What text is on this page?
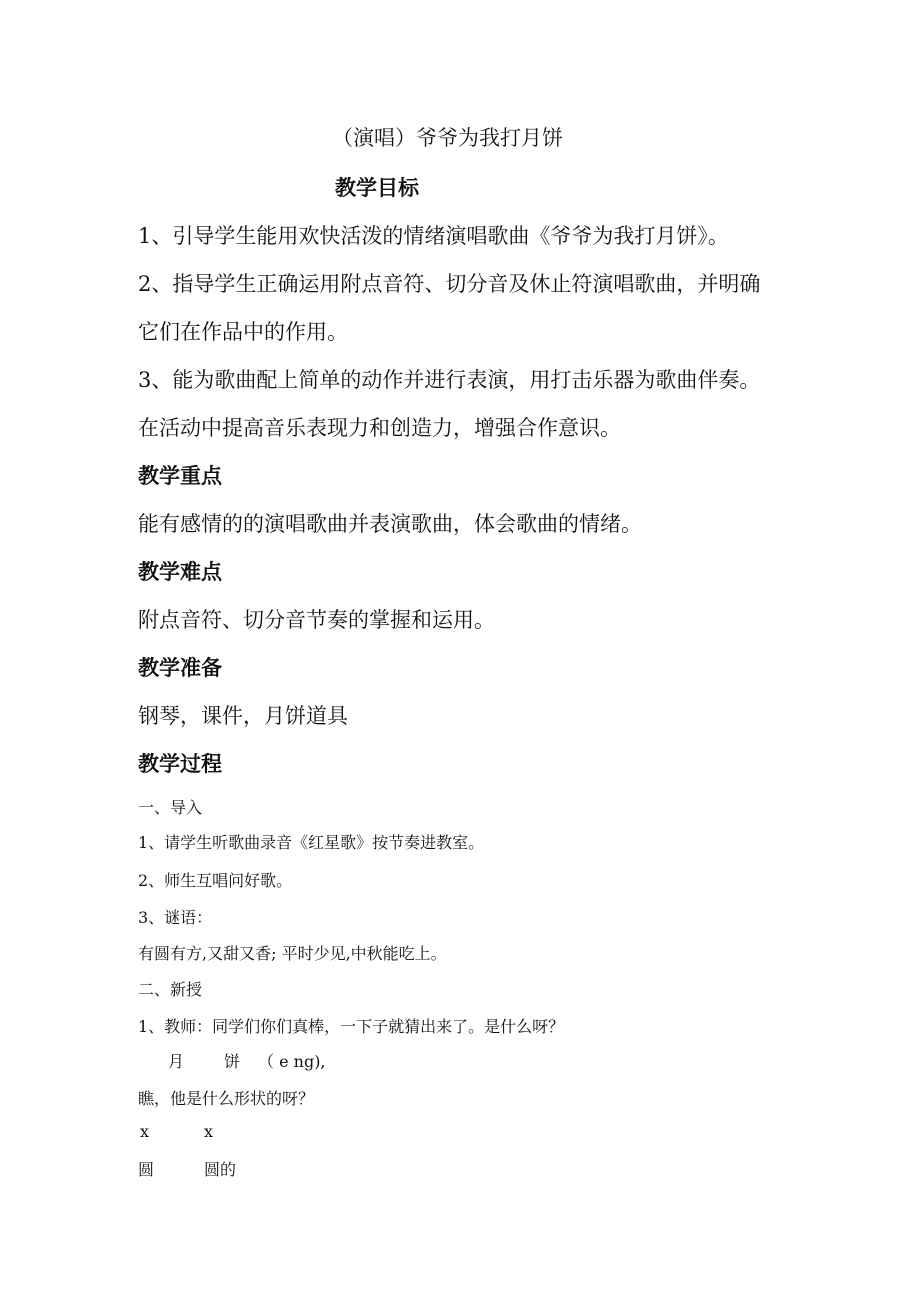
（演唱）爷爷为我打月饼
教学目标
1、引导学生能用欢快活泼的情绪演唱歌曲《爷爷为我打月饼》。
2、指导学生正确运用附点音符、切分音及休止符演唱歌曲，并明确
它们在作品中的作用。
3、能为歌曲配上简单的动作并进行表演，用打击乐器为歌曲伴奏。
在活动中提高音乐表现力和创造力，增强合作意识。
教学重点
能有感情的的演唱歌曲并表演歌曲，体会歌曲的情绪。
教学难点
附点音符、切分音节奏的掌握和运用。
教学准备
钢琴，课件，月饼道具
教学过程
一、导入
1、请学生听歌曲录音《红星歌》按节奏进教室。
2、师生互唱问好歌。
3、谜语：
有圆有方,又甜又香; 平时少见,中秋能吃上。
二、新授
1、教师：同学们你们真棒，一下子就猜出来了。是什么呀？
月 饼 （ e ng),
瞧，他是什么形状的呀？
x	x
圆	圆的
